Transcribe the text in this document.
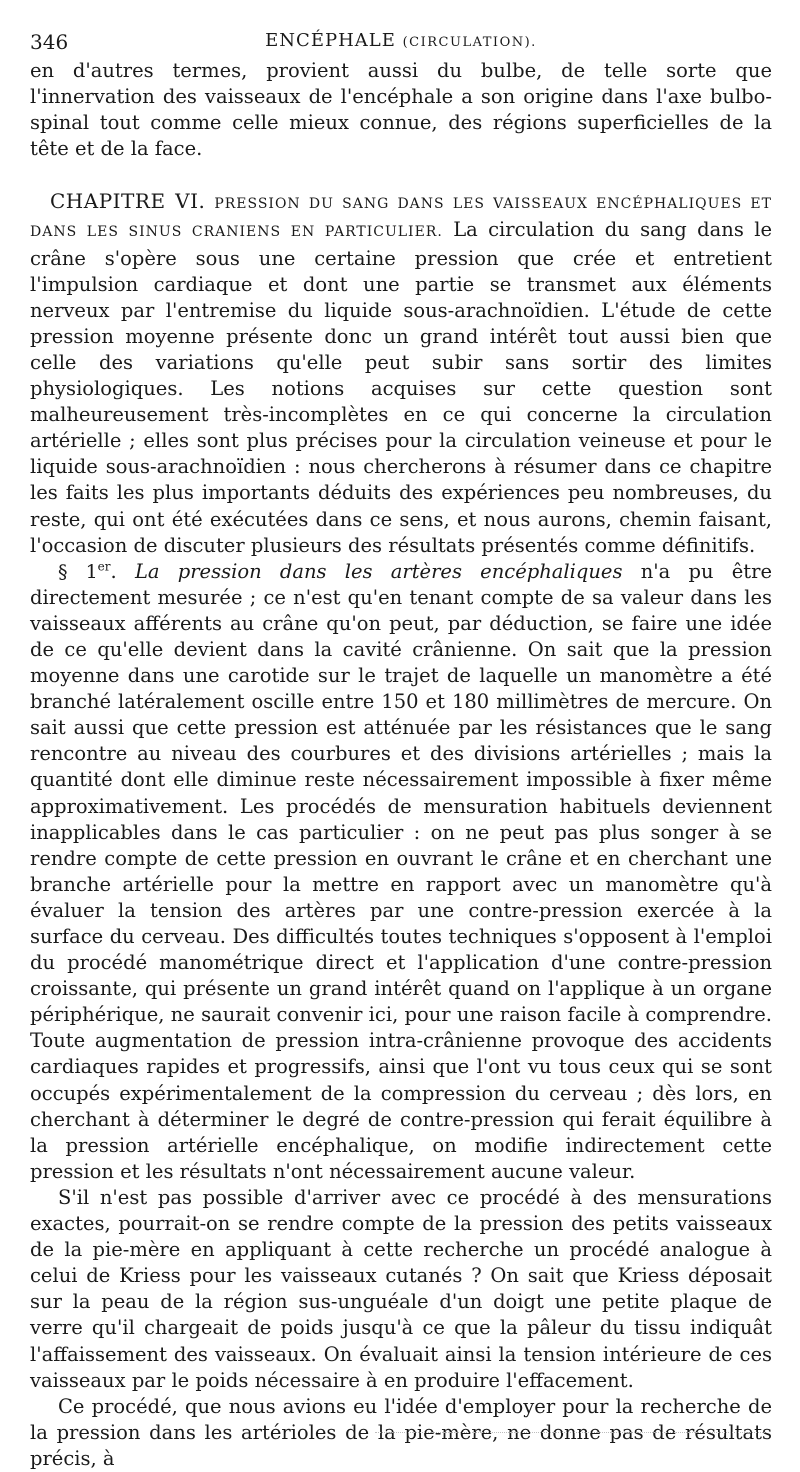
346	ENCÉPHALE (CIRCULATION).

en d'autres termes, provient aussi du bulbe, de telle sorte que l'innervation des vaisseaux de l'encéphale a son origine dans l'axe bulbo-spinal tout comme celle mieux connue, des régions superficielles de la tête et de la face.

CHAPITRE VI. PRESSION DU SANG DANS LES VAISSEAUX ENCÉPHALIQUES ET DANS LES SINUS CRANIENS EN PARTICULIER. La circulation du sang dans le crâne s'opère sous une certaine pression que crée et entretient l'impulsion cardiaque et dont une partie se transmet aux éléments nerveux par l'entremise du liquide sous-arachnoïdien. L'étude de cette pression moyenne présente donc un grand intérêt tout aussi bien que celle des variations qu'elle peut subir sans sortir des limites physiologiques. Les notions acquises sur cette question sont malheureusement très-incomplètes en ce qui concerne la circulation artérielle ; elles sont plus précises pour la circulation veineuse et pour le liquide sous-arachnoïdien : nous chercherons à résumer dans ce chapitre les faits les plus importants déduits des expériences peu nombreuses, du reste, qui ont été exécutées dans ce sens, et nous aurons, chemin faisant, l'occasion de discuter plusieurs des résultats présentés comme définitifs.

§ 1er. La pression dans les artères encéphaliques n'a pu être directement mesurée ; ce n'est qu'en tenant compte de sa valeur dans les vaisseaux afférents au crâne qu'on peut, par déduction, se faire une idée de ce qu'elle devient dans la cavité crânienne. On sait que la pression moyenne dans une carotide sur le trajet de laquelle un manomètre a été branché latéralement oscille entre 150 et 180 millimètres de mercure. On sait aussi que cette pression est atténuée par les résistances que le sang rencontre au niveau des courbures et des divisions artérielles ; mais la quantité dont elle diminue reste nécessairement impossible à fixer même approximativement. Les procédés de mensuration habituels deviennent inapplicables dans le cas particulier : on ne peut pas plus songer à se rendre compte de cette pression en ouvrant le crâne et en cherchant une branche artérielle pour la mettre en rapport avec un manomètre qu'à évaluer la tension des artères par une contre-pression exercée à la surface du cerveau. Des difficultés toutes techniques s'opposent à l'emploi du procédé manométrique direct et l'application d'une contre-pression croissante, qui présente un grand intérêt quand on l'applique à un organe périphérique, ne saurait convenir ici, pour une raison facile à comprendre. Toute augmentation de pression intra-crânienne provoque des accidents cardiaques rapides et progressifs, ainsi que l'ont vu tous ceux qui se sont occupés expérimentalement de la compression du cerveau ; dès lors, en cherchant à déterminer le degré de contre-pression qui ferait équilibre à la pression artérielle encéphalique, on modifie indirectement cette pression et les résultats n'ont nécessairement aucune valeur.

S'il n'est pas possible d'arriver avec ce procédé à des mensurations exactes, pourrait-on se rendre compte de la pression des petits vaisseaux de la pie-mère en appliquant à cette recherche un procédé analogue à celui de Kriess pour les vaisseaux cutanés ? On sait que Kriess déposait sur la peau de la région sus-unguéale d'un doigt une petite plaque de verre qu'il chargeait de poids jusqu'à ce que la pâleur du tissu indiquât l'affaissement des vaisseaux. On évaluait ainsi la tension intérieure de ces vaisseaux par le poids nécessaire à en produire l'effacement.

Ce procédé, que nous avions eu l'idée d'employer pour la recherche de la pression dans les artérioles de la pie-mère, ne donne pas de résultats précis, à
